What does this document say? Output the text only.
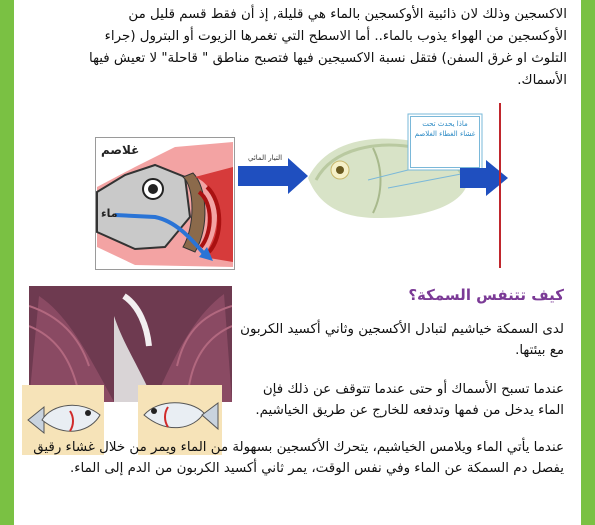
الاكسجين وذلك لان ذائبية الأوكسجين بالماء هي قليلة, إذ أن فقط قسم قليل من

الأوكسجين من الهواء يذوب بالماء.. أما الاسطح التي تغمرها الزيوت أو البترول (جراء

التلوث او غرق السفن) فتقل نسبة الاكسيجين فيها فتصبح مناطق " قاحلة" لا تعيش فيها

الأسماك.

غلاصم
ماء
التيار المائي
ماذا يحدث تحت غشاء الغطاء الغلاصم
كيف تتنفس السمكة؟

لدى السمكة خياشيم لتبادل الأكسجين وثاني أكسيد الكربون مع بيئتها.

عندما تسبح الأسماك أو حتى عندما تتوقف عن ذلك فإن الماء يدخل من فمها وتدفعه للخارج عن طريق الخياشيم.

عندما يأتي الماء ويلامس الخياشيم، يتحرك الأكسجين بسهولة من الماء ويمر من خلال غشاء رقيق يفصل دم السمكة عن الماء وفي نفس الوقت، يمر ثاني أكسيد الكربون من الدم إلى الماء.
